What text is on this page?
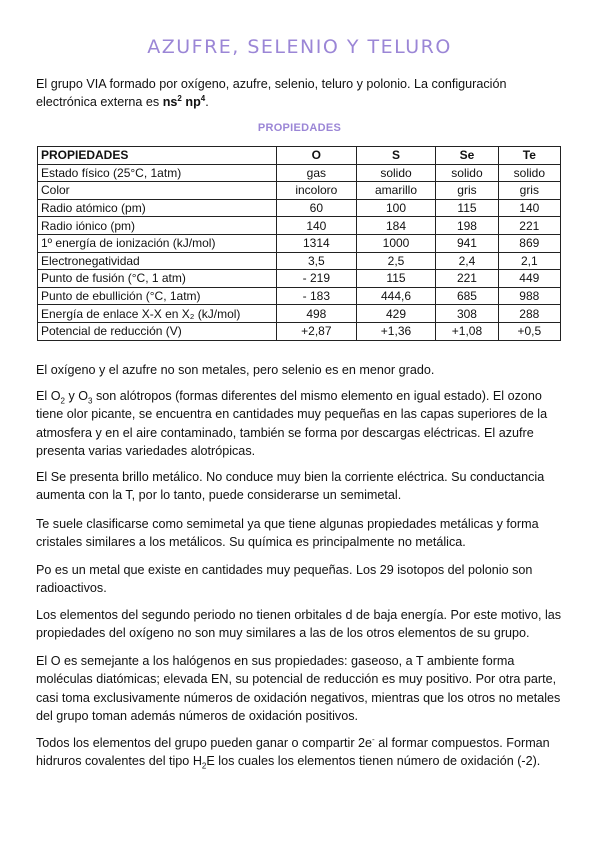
AZUFRE, SELENIO Y TELURO
El grupo VIA formado por oxígeno, azufre, selenio, teluro y polonio. La configuración electrónica externa es $ns^2$ $np^4$.
PROPIEDADES
PROPIEDADES	O	S	Se	Te
Estado físico (25°C, 1atm)	gas	solido	solido	solido
Color	incoloro	amarillo	gris	gris
Radio atómico (pm)	60	100	115	140
Radio iónico (pm)	140	184	198	221
1º energía de ionización (kJ/mol)	1314	1000	941	869
Electronegatividad	3,5	2,5	2,4	2,1
Punto de fusión (°C, 1 atm)	- 219	115	221	449
Punto de ebullición (°C, 1atm)	- 183	444,6	685	988
Energía de enlace X-X en X₂ (kJ/mol)	498	429	308	288
Potencial de reducción (V)	+2,87	+1,36	+1,08	+0,5
El oxígeno y el azufre no son metales, pero selenio es en menor grado.
El $O_2$ y $O_3$ son alótropos (formas diferentes del mismo elemento en igual estado). El ozono tiene olor picante, se encuentra en cantidades muy pequeñas en las capas superiores de la atmosfera y en el aire contaminado, también se forma por descargas eléctricas. El azufre presenta varias variedades alotrópicas.
El Se presenta brillo metálico. No conduce muy bien la corriente eléctrica. Su conductancia aumenta con la T, por lo tanto, puede considerarse un semimetal.
Te suele clasificarse como semimetal ya que tiene algunas propiedades metálicas y forma cristales similares a los metálicos. Su química es principalmente no metálica.
Po es un metal que existe en cantidades muy pequeñas. Los 29 isotopos del polonio son radioactivos.
Los elementos del segundo periodo no tienen orbitales d de baja energía. Por este motivo, las propiedades del oxígeno no son muy similares a las de los otros elementos de su grupo.
El O es semejante a los halógenos en sus propiedades: gaseoso, a T ambiente forma moléculas diatómicas; elevada EN, su potencial de reducción es muy positivo. Por otra parte, casi toma exclusivamente números de oxidación negativos, mientras que los otros no metales del grupo toman además números de oxidación positivos.
Todos los elementos del grupo pueden ganar o compartir 2e- al formar compuestos. Forman hidruros covalentes del tipo $H_2E$ los cuales los elementos tienen número de oxidación (-2).
